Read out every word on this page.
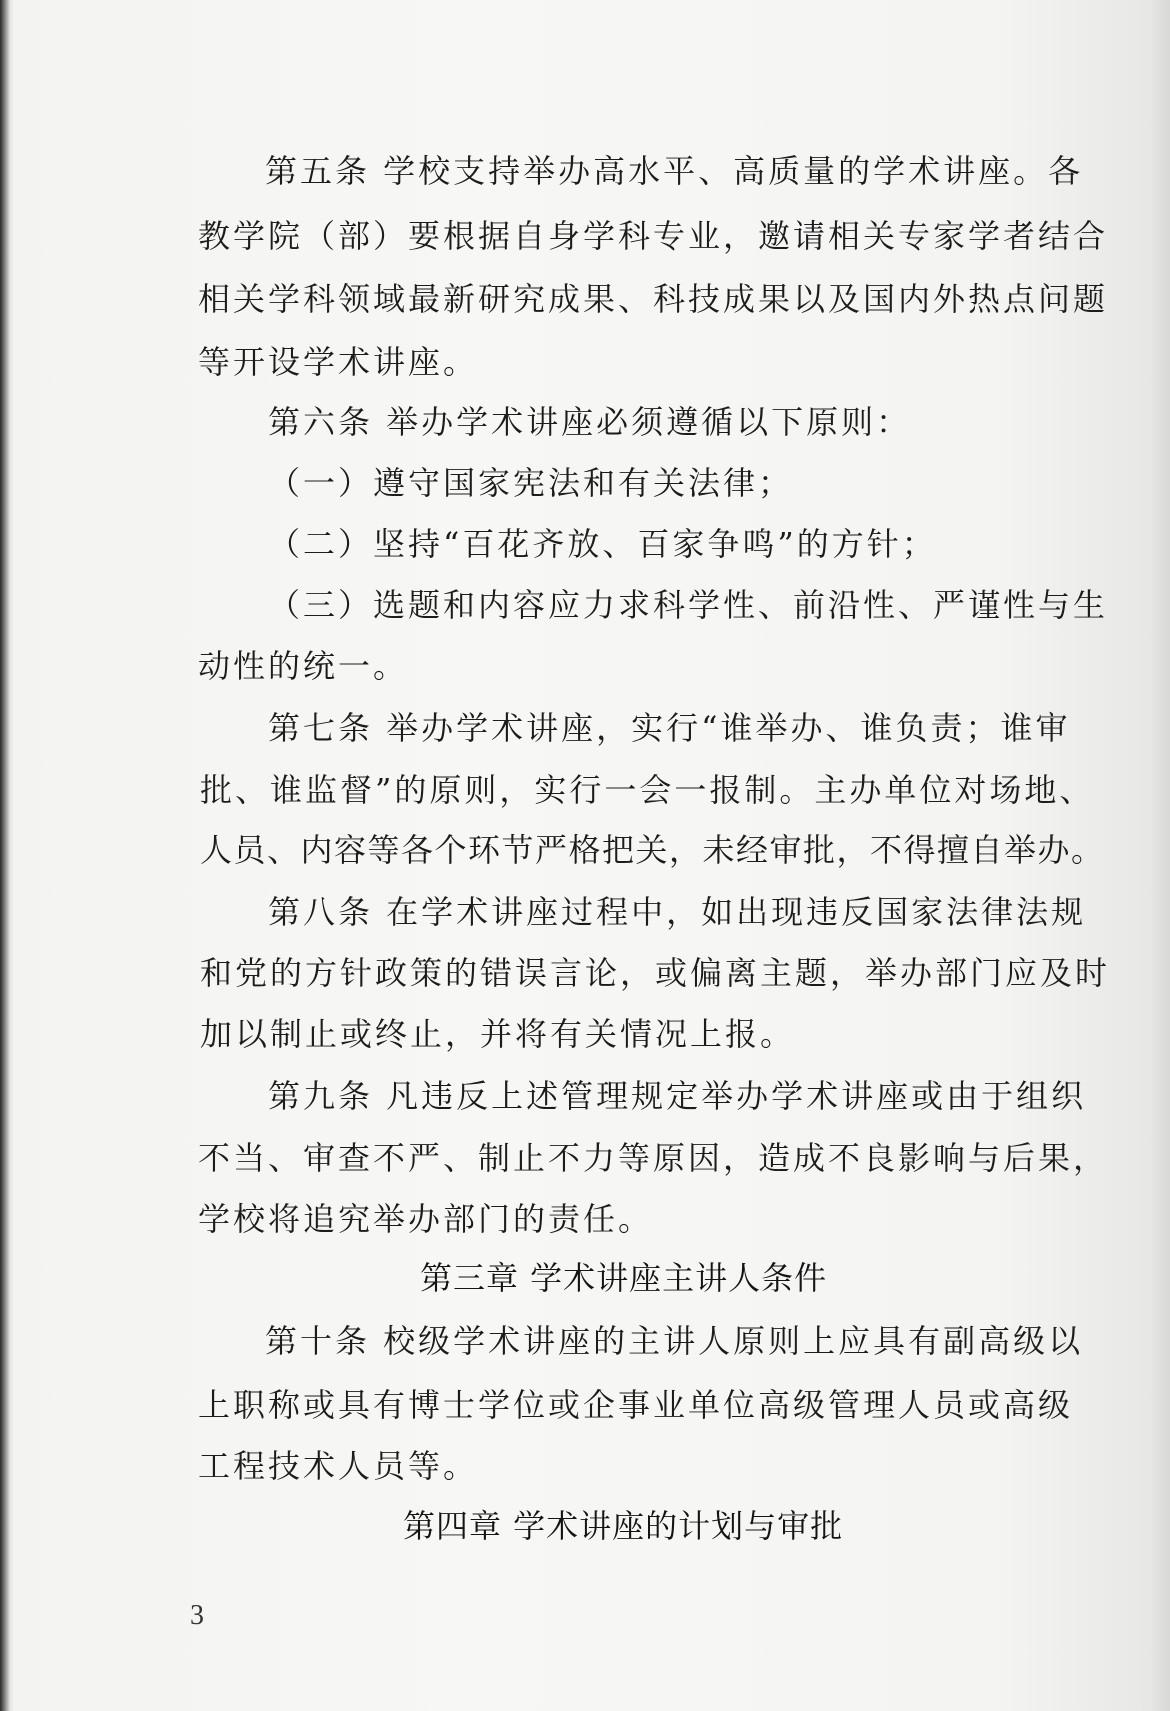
第五条 学校支持举办高水平、高质量的学术讲座。各
教学院（部）要根据自身学科专业，邀请相关专家学者结合
相关学科领域最新研究成果、科技成果以及国内外热点问题
等开设学术讲座。
第六条 举办学术讲座必须遵循以下原则：
（一）遵守国家宪法和有关法律；
（二）坚持“百花齐放、百家争鸣”的方针；
（三）选题和内容应力求科学性、前沿性、严谨性与生
动性的统一。
第七条 举办学术讲座，实行“谁举办、谁负责；谁审
批、谁监督”的原则，实行一会一报制。主办单位对场地、
人员、内容等各个环节严格把关，未经审批，不得擅自举办。
第八条 在学术讲座过程中，如出现违反国家法律法规
和党的方针政策的错误言论，或偏离主题，举办部门应及时
加以制止或终止，并将有关情况上报。
第九条 凡违反上述管理规定举办学术讲座或由于组织
不当、审查不严、制止不力等原因，造成不良影响与后果，
学校将追究举办部门的责任。
第三章 学术讲座主讲人条件
第十条 校级学术讲座的主讲人原则上应具有副高级以
上职称或具有博士学位或企事业单位高级管理人员或高级
工程技术人员等。
第四章 学术讲座的计划与审批
3
